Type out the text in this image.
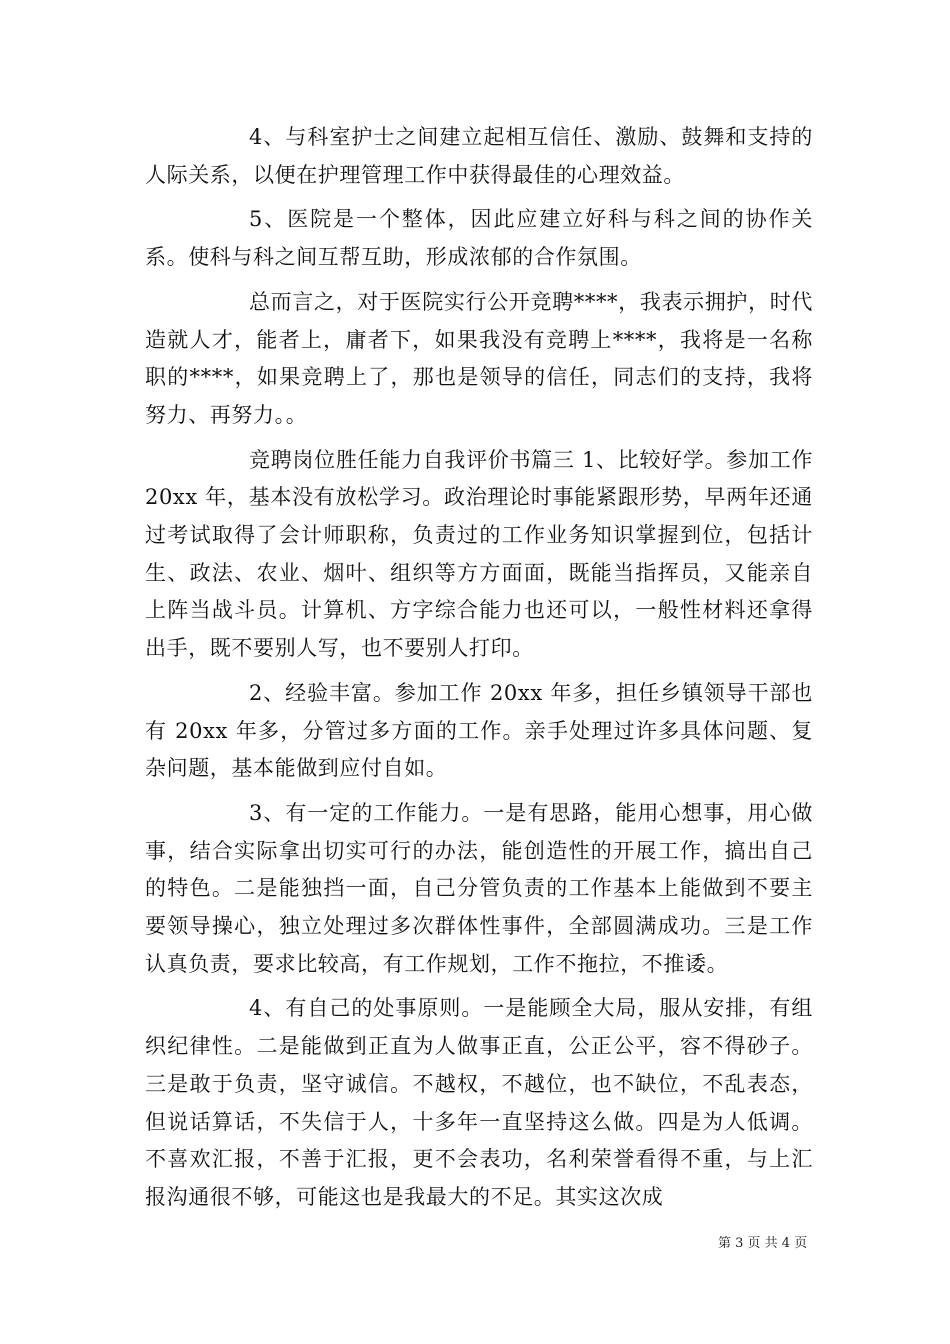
4、与科室护士之间建立起相互信任、激励、鼓舞和支持的人际关系，以便在护理管理工作中获得最佳的心理效益。

5、医院是一个整体，因此应建立好科与科之间的协作关系。使科与科之间互帮互助，形成浓郁的合作氛围。

总而言之，对于医院实行公开竞聘****，我表示拥护，时代造就人才，能者上，庸者下，如果我没有竞聘上****，我将是一名称职的****，如果竞聘上了，那也是领导的信任，同志们的支持，我将努力、再努力。。

竞聘岗位胜任能力自我评价书篇三 1、比较好学。参加工作 20xx 年，基本没有放松学习。政治理论时事能紧跟形势，早两年还通过考试取得了会计师职称，负责过的工作业务知识掌握到位，包括计生、政法、农业、烟叶、组织等方方面面，既能当指挥员，又能亲自上阵当战斗员。计算机、方字综合能力也还可以，一般性材料还拿得出手，既不要别人写，也不要别人打印。

2、经验丰富。参加工作 20xx 年多，担任乡镇领导干部也有 20xx 年多，分管过多方面的工作。亲手处理过许多具体问题、复杂问题，基本能做到应付自如。

3、有一定的工作能力。一是有思路，能用心想事，用心做事，结合实际拿出切实可行的办法，能创造性的开展工作，搞出自己的特色。二是能独挡一面，自己分管负责的工作基本上能做到不要主要领导操心，独立处理过多次群体性事件，全部圆满成功。三是工作认真负责，要求比较高，有工作规划，工作不拖拉，不推诿。

4、有自己的处事原则。一是能顾全大局，服从安排，有组织纪律性。二是能做到正直为人做事正直，公正公平，容不得砂子。三是敢于负责，坚守诚信。不越权，不越位，也不缺位，不乱表态，但说话算话，不失信于人，十多年一直坚持这么做。四是为人低调。不喜欢汇报，不善于汇报，更不会表功，名利荣誉看得不重，与上汇报沟通很不够，可能这也是我最大的不足。其实这次成

第 3 页 共 4 页
